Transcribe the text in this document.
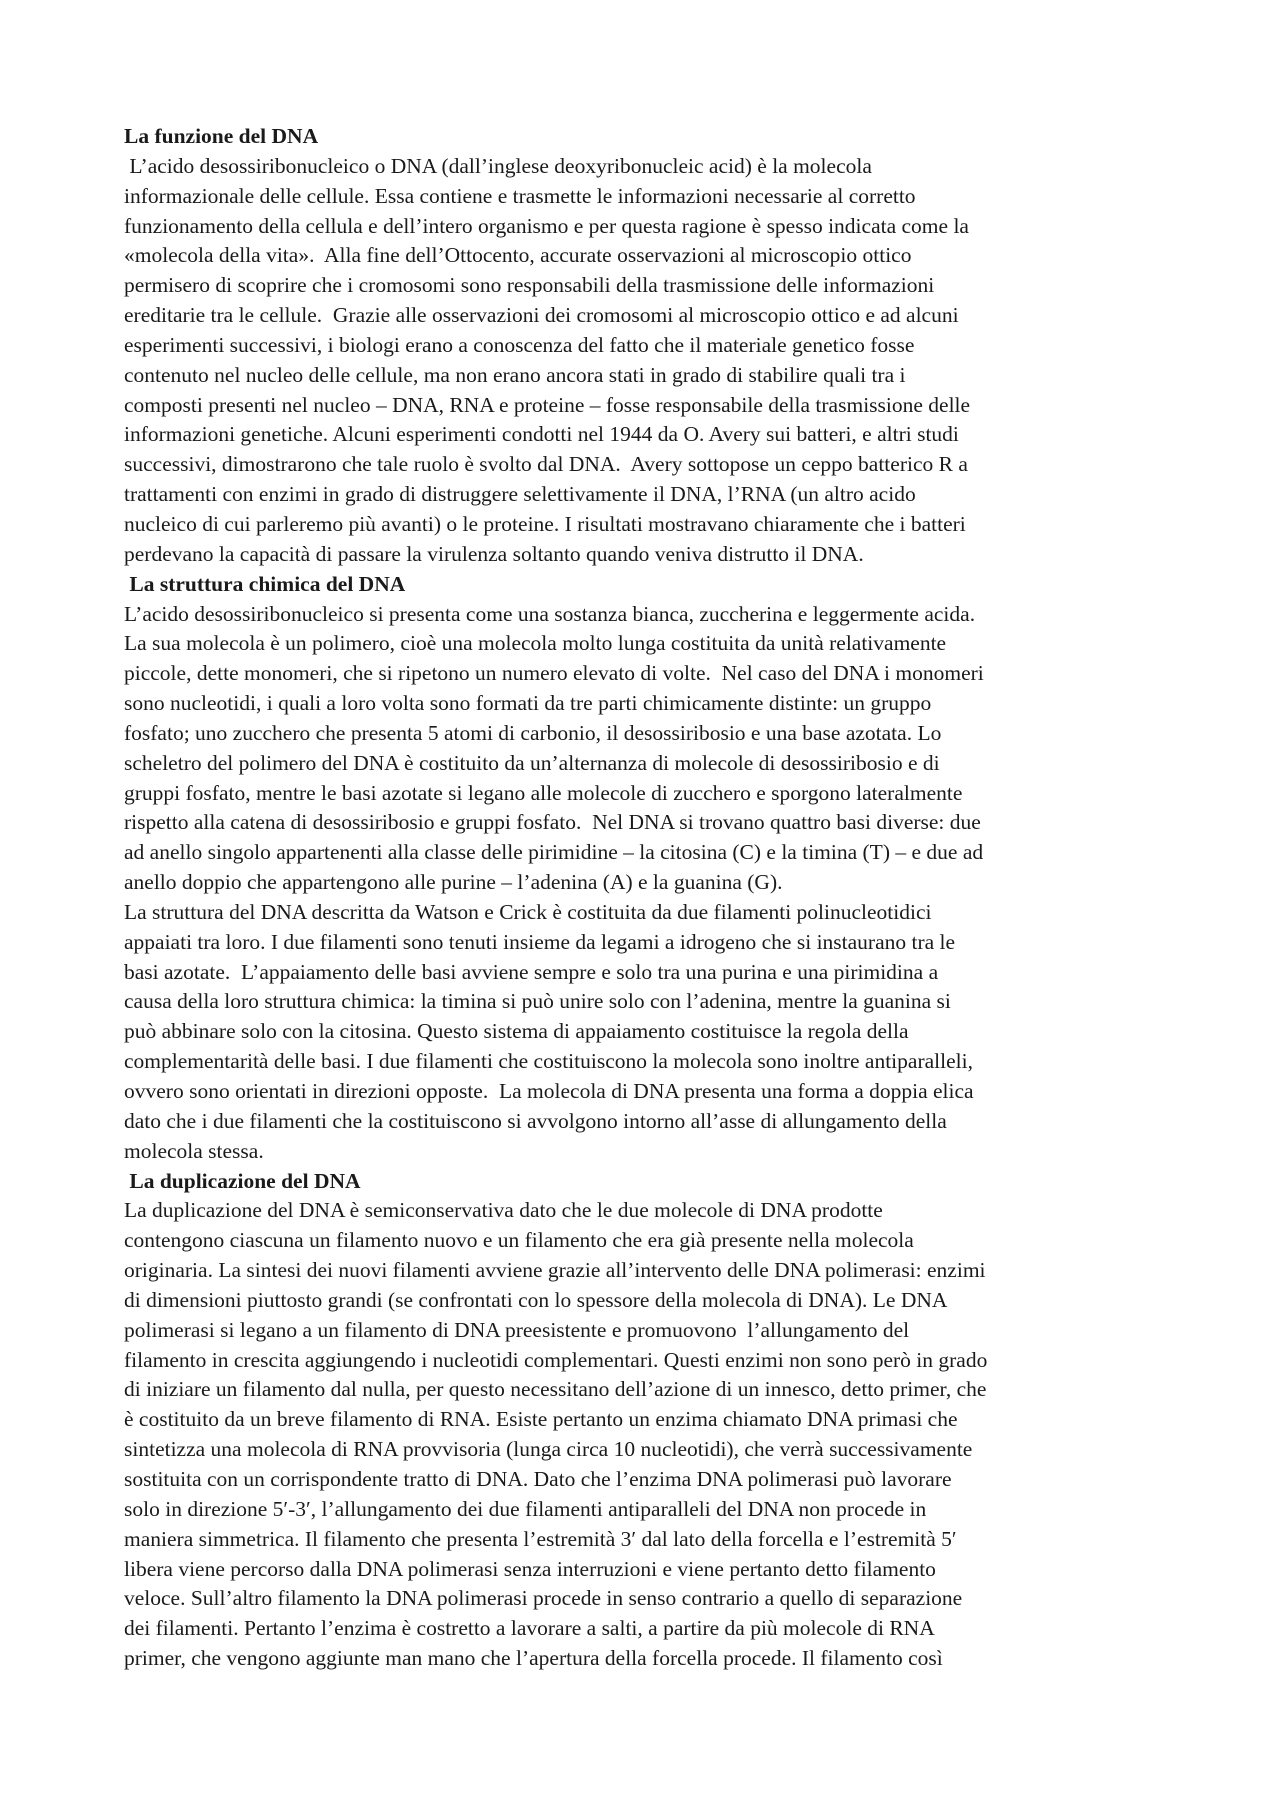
La funzione del DNA
L’acido desossiribonucleico o DNA (dall’inglese deoxyribonucleic acid) è la molecola
informazionale delle cellule. Essa contiene e trasmette le informazioni necessarie al corretto
funzionamento della cellula e dell’intero organismo e per questa ragione è spesso indicata come la
«molecola della vita».  Alla fine dell’Ottocento, accurate osservazioni al microscopio ottico
permisero di scoprire che i cromosomi sono responsabili della trasmissione delle informazioni
ereditarie tra le cellule.  Grazie alle osservazioni dei cromosomi al microscopio ottico e ad alcuni
esperimenti successivi, i biologi erano a conoscenza del fatto che il materiale genetico fosse
contenuto nel nucleo delle cellule, ma non erano ancora stati in grado di stabilire quali tra i
composti presenti nel nucleo – DNA, RNA e proteine – fosse responsabile della trasmissione delle
informazioni genetiche. Alcuni esperimenti condotti nel 1944 da O. Avery sui batteri, e altri studi
successivi, dimostrarono che tale ruolo è svolto dal DNA.  Avery sottopose un ceppo batterico R a
trattamenti con enzimi in grado di distruggere selettivamente il DNA, l’RNA (un altro acido
nucleico di cui parleremo più avanti) o le proteine. I risultati mostravano chiaramente che i batteri
perdevano la capacità di passare la virulenza soltanto quando veniva distrutto il DNA.
La struttura chimica del DNA
L’acido desossiribonucleico si presenta come una sostanza bianca, zuccherina e leggermente acida.
La sua molecola è un polimero, cioè una molecola molto lunga costituita da unità relativamente
piccole, dette monomeri, che si ripetono un numero elevato di volte.  Nel caso del DNA i monomeri
sono nucleotidi, i quali a loro volta sono formati da tre parti chimicamente distinte: un gruppo
fosfato; uno zucchero che presenta 5 atomi di carbonio, il desossiribosio e una base azotata. Lo
scheletro del polimero del DNA è costituito da un’alternanza di molecole di desossiribosio e di
gruppi fosfato, mentre le basi azotate si legano alle molecole di zucchero e sporgono lateralmente
rispetto alla catena di desossiribosio e gruppi fosfato.  Nel DNA si trovano quattro basi diverse: due
ad anello singolo appartenenti alla classe delle pirimidine – la citosina (C) e la timina (T) – e due ad
anello doppio che appartengono alle purine – l’adenina (A) e la guanina (G).
La struttura del DNA descritta da Watson e Crick è costituita da due filamenti polinucleotidici
appaiati tra loro. I due filamenti sono tenuti insieme da legami a idrogeno che si instaurano tra le
basi azotate.  L’appaiamento delle basi avviene sempre e solo tra una purina e una pirimidina a
causa della loro struttura chimica: la timina si può unire solo con l’adenina, mentre la guanina si
può abbinare solo con la citosina. Questo sistema di appaiamento costituisce la regola della
complementarità delle basi. I due filamenti che costituiscono la molecola sono inoltre antiparalleli,
ovvero sono orientati in direzioni opposte.  La molecola di DNA presenta una forma a doppia elica
dato che i due filamenti che la costituiscono si avvolgono intorno all’asse di allungamento della
molecola stessa.
La duplicazione del DNA
La duplicazione del DNA è semiconservativa dato che le due molecole di DNA prodotte
contengono ciascuna un filamento nuovo e un filamento che era già presente nella molecola
originaria. La sintesi dei nuovi filamenti avviene grazie all’intervento delle DNA polimerasi: enzimi
di dimensioni piuttosto grandi (se confrontati con lo spessore della molecola di DNA). Le DNA
polimerasi si legano a un filamento di DNA preesistente e promuovono  l’allungamento del
filamento in crescita aggiungendo i nucleotidi complementari. Questi enzimi non sono però in grado
di iniziare un filamento dal nulla, per questo necessitano dell’azione di un innesco, detto primer, che
è costituito da un breve filamento di RNA. Esiste pertanto un enzima chiamato DNA primasi che
sintetizza una molecola di RNA provvisoria (lunga circa 10 nucleotidi), che verrà successivamente
sostituita con un corrispondente tratto di DNA. Dato che l’enzima DNA polimerasi può lavorare
solo in direzione 5′-3′, l’allungamento dei due filamenti antiparalleli del DNA non procede in
maniera simmetrica. Il filamento che presenta l’estremità 3′ dal lato della forcella e l’estremità 5′
libera viene percorso dalla DNA polimerasi senza interruzioni e viene pertanto detto filamento
veloce. Sull’altro filamento la DNA polimerasi procede in senso contrario a quello di separazione
dei filamenti. Pertanto l’enzima è costretto a lavorare a salti, a partire da più molecole di RNA
primer, che vengono aggiunte man mano che l’apertura della forcella procede. Il filamento così
